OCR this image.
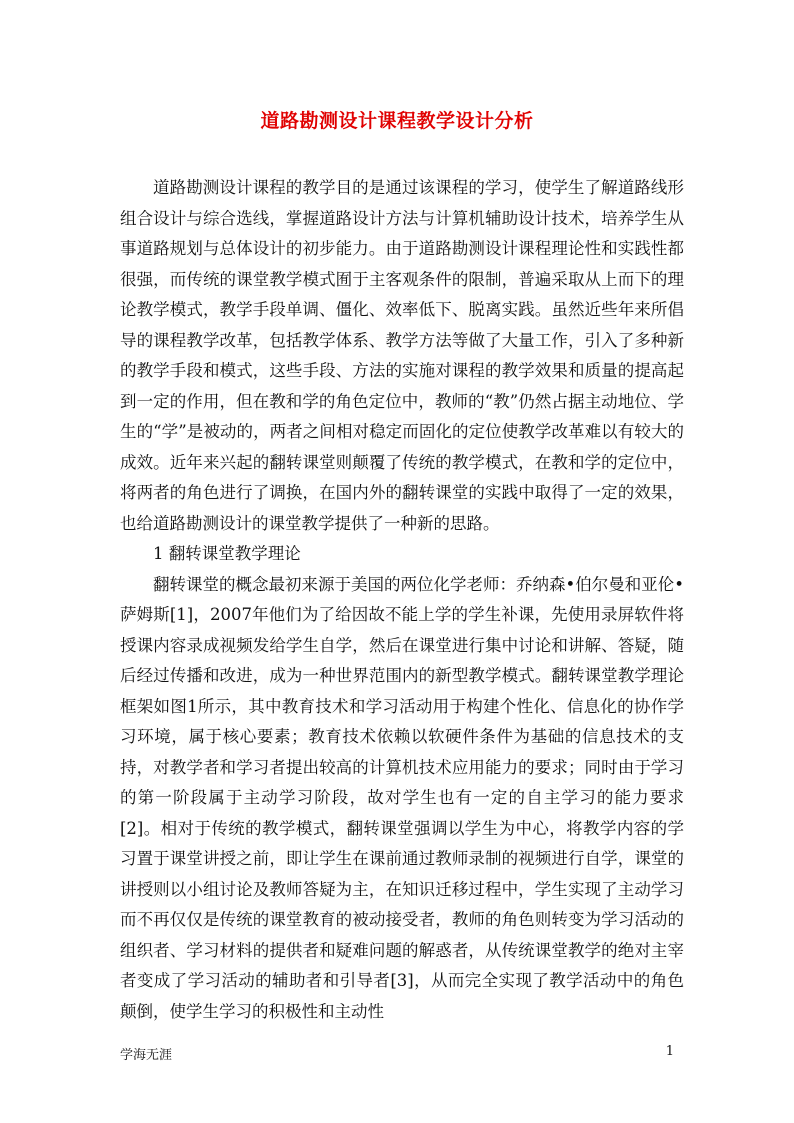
道路勘测设计课程教学设计分析

道路勘测设计课程的教学目的是通过该课程的学习，使学生了解道路线形组合设计与综合选线，掌握道路设计方法与计算机辅助设计技术，培养学生从事道路规划与总体设计的初步能力。由于道路勘测设计课程理论性和实践性都很强，而传统的课堂教学模式囿于主客观条件的限制，普遍采取从上而下的理论教学模式，教学手段单调、僵化、效率低下、脱离实践。虽然近些年来所倡导的课程教学改革，包括教学体系、教学方法等做了大量工作，引入了多种新的教学手段和模式，这些手段、方法的实施对课程的教学效果和质量的提高起到一定的作用，但在教和学的角色定位中，教师的“教”仍然占据主动地位、学生的“学”是被动的，两者之间相对稳定而固化的定位使教学改革难以有较大的成效。近年来兴起的翻转课堂则颠覆了传统的教学模式，在教和学的定位中，将两者的角色进行了调换，在国内外的翻转课堂的实践中取得了一定的效果，也给道路勘测设计的课堂教学提供了一种新的思路。

1 翻转课堂教学理论

翻转课堂的概念最初来源于美国的两位化学老师：乔纳森•伯尔曼和亚伦•萨姆斯[1]，2007年他们为了给因故不能上学的学生补课，先使用录屏软件将授课内容录成视频发给学生自学，然后在课堂进行集中讨论和讲解、答疑，随后经过传播和改进，成为一种世界范围内的新型教学模式。翻转课堂教学理论框架如图1所示，其中教育技术和学习活动用于构建个性化、信息化的协作学习环境，属于核心要素；教育技术依赖以软硬件条件为基础的信息技术的支持，对教学者和学习者提出较高的计算机技术应用能力的要求；同时由于学习的第一阶段属于主动学习阶段，故对学生也有一定的自主学习的能力要求[2]。相对于传统的教学模式，翻转课堂强调以学生为中心，将教学内容的学习置于课堂讲授之前，即让学生在课前通过教师录制的视频进行自学，课堂的讲授则以小组讨论及教师答疑为主，在知识迁移过程中，学生实现了主动学习而不再仅仅是传统的课堂教育的被动接受者，教师的角色则转变为学习活动的组织者、学习材料的提供者和疑难问题的解惑者，从传统课堂教学的绝对主宰者变成了学习活动的辅助者和引导者[3]，从而完全实现了教学活动中的角色颠倒，使学生学习的积极性和主动性

学海无涯	1
